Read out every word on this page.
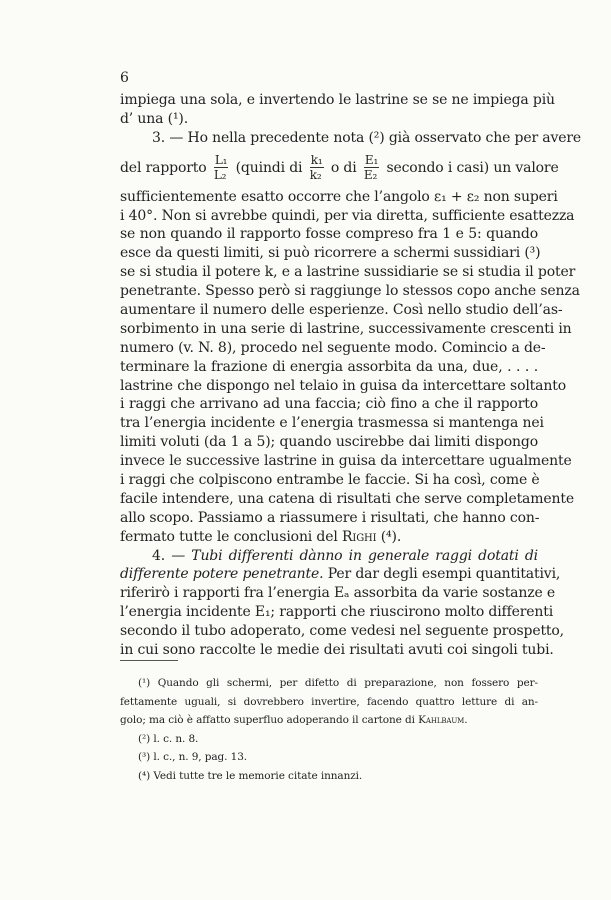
6
impiega una sola, e invertendo le lastrine se se ne impiega più
d’ una (¹).
3. — Ho nella precedente nota (²) già osservato che per avere
del rapporto $\frac{\text{L₁}}{\text{L₂}}$ (quindi di $\frac{\text{k₁}}{\text{k₂}}$ o di $\frac{\text{E₁}}{\text{E₂}}$ secondo i casi) un valore
sufficientemente esatto occorre che l’angolo ε₁ + ε₂ non superi
i 40°. Non si avrebbe quindi, per via diretta, sufficiente esattezza
se non quando il rapporto fosse compreso fra 1 e 5: quando
esce da questi limiti, si può ricorrere a schermi sussidiari (³)
se si studia il potere k, e a lastrine sussidiarie se si studia il poter
penetrante. Spesso però si raggiunge lo stessos copo anche senza
aumentare il numero delle esperienze. Così nello studio dell’as-
sorbimento in una serie di lastrine, successivamente crescenti in
numero (v. N. 8), procedo nel seguente modo. Comincio a de-
terminare la frazione di energia assorbita da una, due, . . . .
lastrine che dispongo nel telaio in guisa da intercettare soltanto
i raggi che arrivano ad una faccia; ciò fino a che il rapporto
tra l’energia incidente e l’energia trasmessa si mantenga nei
limiti voluti (da 1 a 5); quando uscirebbe dai limiti dispongo
invece le successive lastrine in guisa da intercettare ugualmente
i raggi che colpiscono entrambe le faccie. Si ha così, come è
facile intendere, una catena di risultati che serve completamente
allo scopo. Passiamo a riassumere i risultati, che hanno con-
fermato tutte le conclusioni del Righi (⁴).
4. — Tubi differenti dànno in generale raggi dotati di
differente potere penetrante. Per dar degli esempi quantitativi,
riferirò i rapporti fra l’energia Eₐ assorbita da varie sostanze e
l’energia incidente E₁; rapporti che riuscirono molto differenti
secondo il tubo adoperato, come vedesi nel seguente prospetto,
in cui sono raccolte le medie dei risultati avuti coi singoli tubi.
(¹) Quando gli schermi, per difetto di preparazione, non fossero per-
fettamente uguali, si dovrebbero invertire, facendo quattro letture di an-
golo; ma ciò è affatto superfluo adoperando il cartone di Kahlbaum.
(²) l. c. n. 8.
(³) l. c., n. 9, pag. 13.
(⁴) Vedi tutte tre le memorie citate innanzi.
